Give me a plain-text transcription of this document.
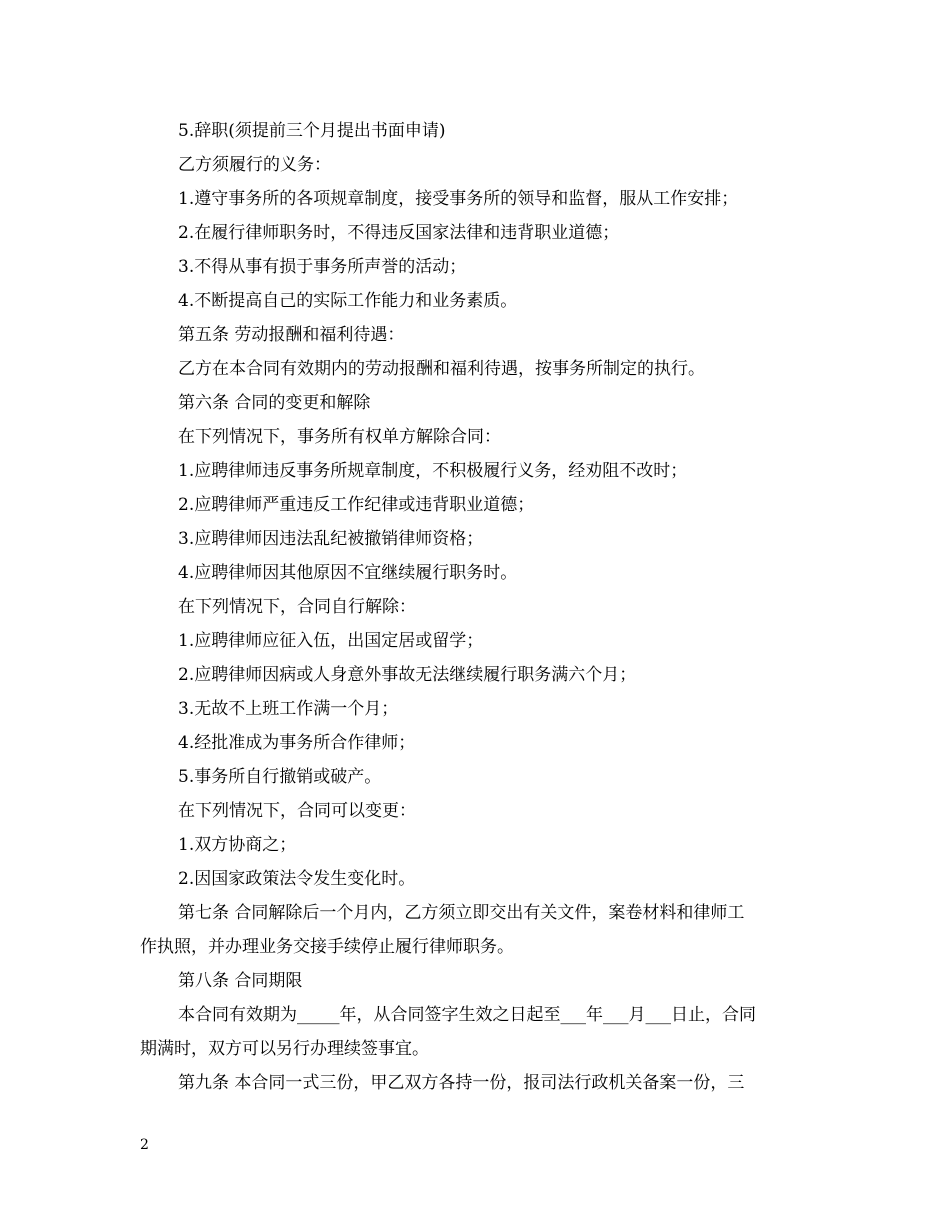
5.辞职(须提前三个月提出书面申请)
乙方须履行的义务：
1.遵守事务所的各项规章制度，接受事务所的领导和监督，服从工作安排；
2.在履行律师职务时，不得违反国家法律和违背职业道德；
3.不得从事有损于事务所声誉的活动；
4.不断提高自己的实际工作能力和业务素质。
第五条 劳动报酬和福利待遇：
乙方在本合同有效期内的劳动报酬和福利待遇，按事务所制定的执行。
第六条 合同的变更和解除
在下列情况下，事务所有权单方解除合同：
1.应聘律师违反事务所规章制度，不积极履行义务，经劝阻不改时；
2.应聘律师严重违反工作纪律或违背职业道德；
3.应聘律师因违法乱纪被撤销律师资格；
4.应聘律师因其他原因不宜继续履行职务时。
在下列情况下，合同自行解除：
1.应聘律师应征入伍，出国定居或留学；
2.应聘律师因病或人身意外事故无法继续履行职务满六个月；
3.无故不上班工作满一个月；
4.经批准成为事务所合作律师；
5.事务所自行撤销或破产。
在下列情况下，合同可以变更：
1.双方协商之；
2.因国家政策法令发生变化时。
第七条 合同解除后一个月内，乙方须立即交出有关文件，案卷材料和律师工
作执照，并办理业务交接手续停止履行律师职务。
第八条 合同期限
本合同有效期为_____年，从合同签字生效之日起至___年___月___日止，合同
期满时，双方可以另行办理续签事宜。
第九条 本合同一式三份，甲乙双方各持一份，报司法行政机关备案一份，三
2
